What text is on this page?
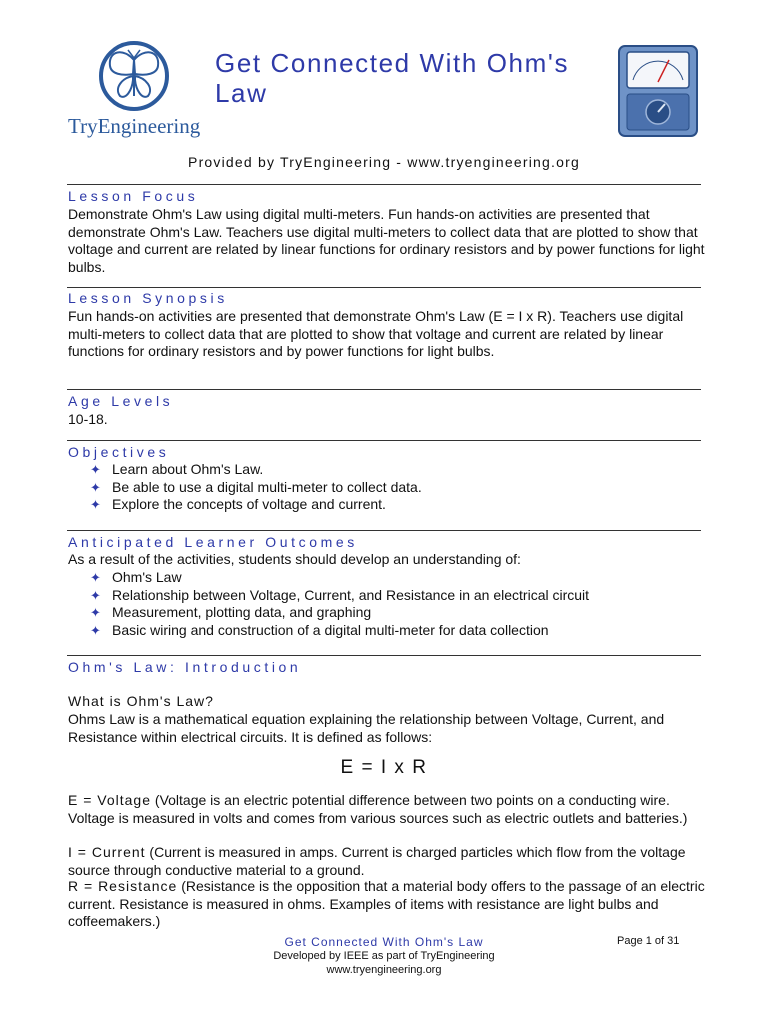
TryEngineering
Get Connected With Ohm's Law
Provided by TryEngineering - www.tryengineering.org
Lesson Focus
Demonstrate Ohm's Law using digital multi-meters. Fun hands-on activities are presented that demonstrate Ohm's Law. Teachers use digital multi-meters to collect data that are plotted to show that voltage and current are related by linear functions for ordinary resistors and by power functions for light bulbs.
Lesson Synopsis
Fun hands-on activities are presented that demonstrate Ohm's Law (E = I x R). Teachers use digital multi-meters to collect data that are plotted to show that voltage and current are related by linear functions for ordinary resistors and by power functions for light bulbs.
Age Levels
10-18.
Objectives
✦ Learn about Ohm's Law.
✦ Be able to use a digital multi-meter to collect data.
✦ Explore the concepts of voltage and current.
Anticipated Learner Outcomes
As a result of the activities, students should develop an understanding of:
✦ Ohm's Law
✦ Relationship between Voltage, Current, and Resistance in an electrical circuit
✦ Measurement, plotting data, and graphing
✦ Basic wiring and construction of a digital multi-meter for data collection
Ohm's Law: Introduction
What is Ohm's Law?
Ohms Law is a mathematical equation explaining the relationship between Voltage, Current, and Resistance within electrical circuits. It is defined as follows:
E = I x R
E = Voltage (Voltage is an electric potential difference between two points on a conducting wire. Voltage is measured in volts and comes from various sources such as electric outlets and batteries.)
I = Current (Current is measured in amps. Current is charged particles which flow from the voltage source through conductive material to a ground.
R = Resistance (Resistance is the opposition that a material body offers to the passage of an electric current. Resistance is measured in ohms. Examples of items with resistance are light bulbs and coffeemakers.)
Get Connected With Ohm's Law	Page 1 of 31
Developed by IEEE as part of TryEngineering
www.tryengineering.org
